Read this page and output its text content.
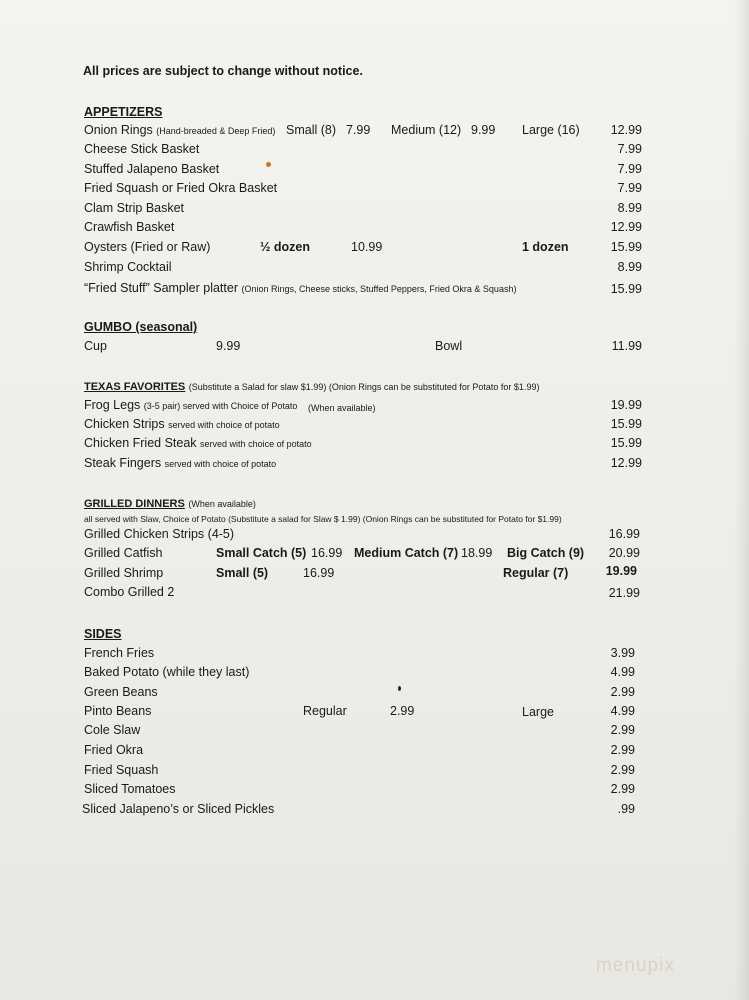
All prices are subject to change without notice.
APPETIZERS
Onion Rings (Hand-breaded & Deep Fried) Small (8) 7.99 Medium (12) 9.99 Large (16)	12.99
Cheese Stick Basket	7.99
Stuffed Jalapeno Basket	7.99
Fried Squash or Fried Okra Basket	7.99
Clam Strip Basket	8.99
Crawfish Basket	12.99
Oysters (Fried or Raw)	½ dozen	10.99	1 dozen	15.99
Shrimp Cocktail	8.99
“Fried Stuff” Sampler platter (Onion Rings, Cheese sticks, Stuffed Peppers, Fried Okra & Squash)	15.99
GUMBO (seasonal)
Cup	9.99	Bowl	11.99
TEXAS FAVORITES (Substitute a Salad for slaw $1.99) (Onion Rings can be substituted for Potato for $1.99)
Frog Legs (3-5 pair) served with Choice of Potato (When available)	19.99
Chicken Strips served with choice of potato	15.99
Chicken Fried Steak served with choice of potato	15.99
Steak Fingers served with choice of potato	12.99
GRILLED DINNERS (When available)
all served with Slaw, Choice of Potato (Substitute a salad for Slaw $ 1.99) (Onion Rings can be substituted for Potato for $1.99)
Grilled Chicken Strips (4-5)	16.99
Grilled Catfish	Small Catch (5) 16.99 Medium Catch (7) 18.99 Big Catch (9)	20.99
Grilled Shrimp	Small (5)	16.99	Regular (7)	19.99
Combo Grilled 2	21.99
SIDES
French Fries	3.99
Baked Potato (while they last)	4.99
Green Beans	2.99
Pinto Beans	Regular	2.99	Large	4.99
Cole Slaw	2.99
Fried Okra	2.99
Fried Squash	2.99
Sliced Tomatoes	2.99
Sliced Jalapeno’s or Sliced Pickles	.99
menupix
